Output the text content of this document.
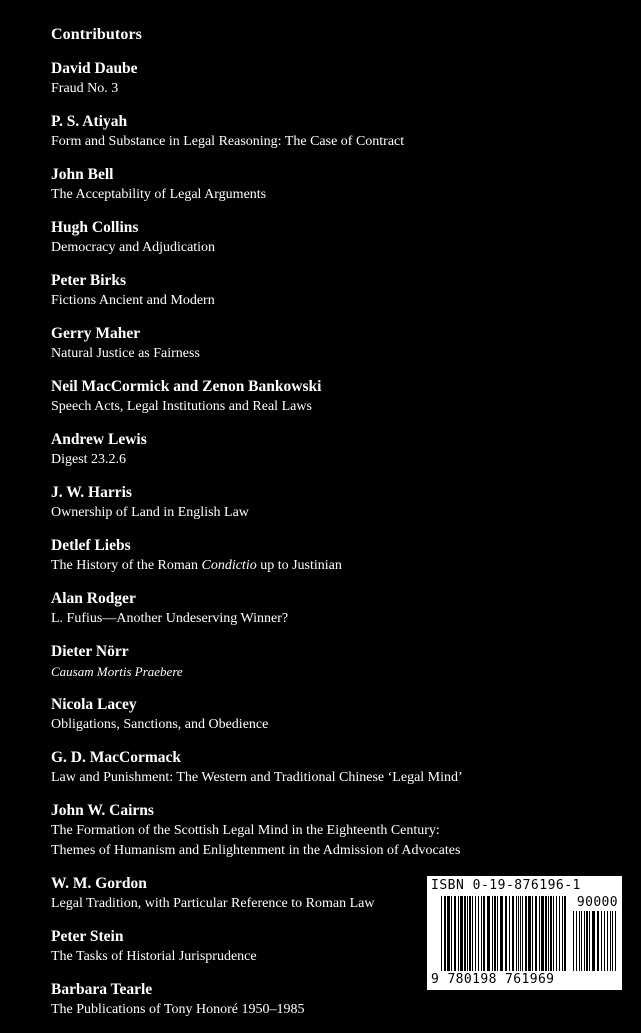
Contributors
David Daube
Fraud No. 3
P. S. Atiyah
Form and Substance in Legal Reasoning: The Case of Contract
John Bell
The Acceptability of Legal Arguments
Hugh Collins
Democracy and Adjudication
Peter Birks
Fictions Ancient and Modern
Gerry Maher
Natural Justice as Fairness
Neil MacCormick and Zenon Bankowski
Speech Acts, Legal Institutions and Real Laws
Andrew Lewis
Digest 23.2.6
J. W. Harris
Ownership of Land in English Law
Detlef Liebs
The History of the Roman Condictio up to Justinian
Alan Rodger
L. Fufius—Another Undeserving Winner?
Dieter Nörr
Causam Mortis Praebere
Nicola Lacey
Obligations, Sanctions, and Obedience
G. D. MacCormack
Law and Punishment: The Western and Traditional Chinese ‘Legal Mind’
John W. Cairns
The Formation of the Scottish Legal Mind in the Eighteenth Century:
Themes of Humanism and Enlightenment in the Admission of Advocates
W. M. Gordon
Legal Tradition, with Particular Reference to Roman Law
Peter Stein
The Tasks of Historial Jurisprudence
Barbara Tearle
The Publications of Tony Honoré 1950–1985
ISBN 0-19-876196-1
90000
9 780198 761969
